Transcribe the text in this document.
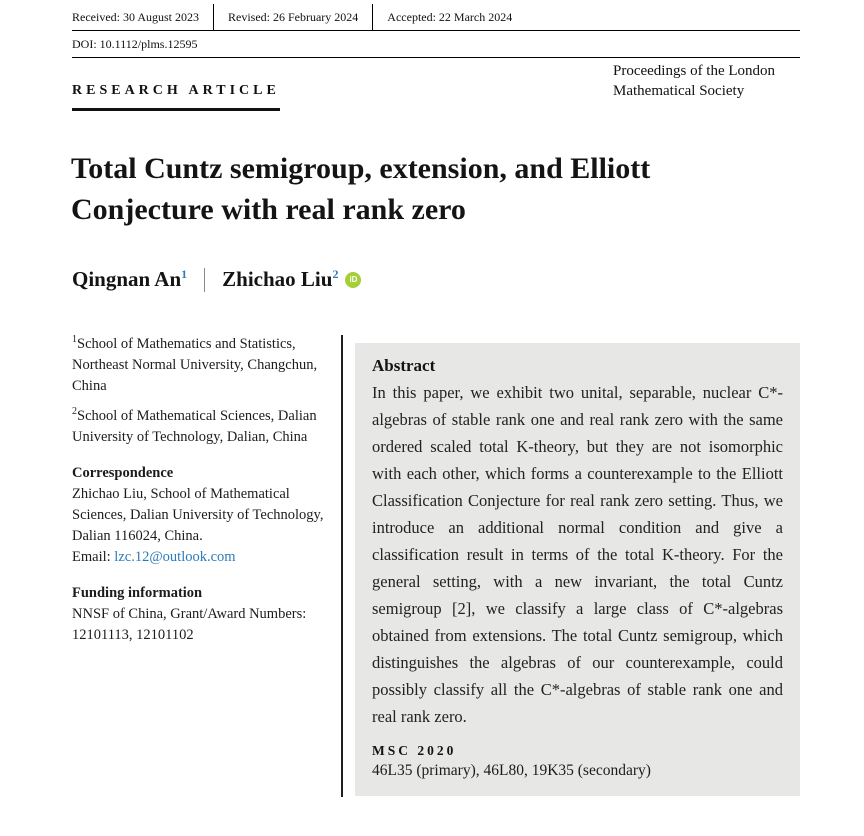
Received: 30 August 2023	Revised: 26 February 2024	Accepted: 22 March 2024
DOI: 10.1112/plms.12595
RESEARCH ARTICLE
Proceedings of the London
Mathematical Society
Total Cuntz semigroup, extension, and Elliott Conjecture with real rank zero
Qingnan An$^1$ Zhichao Liu$^2$	iD

$^1$School of Mathematics and Statistics, Northeast Normal University, Changchun, China

$^2$School of Mathematical Sciences, Dalian University of Technology, Dalian, China

Correspondence

Zhichao Liu, School of Mathematical Sciences, Dalian University of Technology, Dalian 116024, China.

Email: lzc.12@outlook.com

Funding information

NNSF of China, Grant/Award Numbers: 12101113, 12101102

Abstract
In this paper, we exhibit two unital, separable, nuclear C*-algebras of stable rank one and real rank zero with the same ordered scaled total K-theory, but they are not isomorphic with each other, which forms a counterexample to the Elliott Classification Conjecture for real rank zero setting. Thus, we introduce an additional normal condition and give a classification result in terms of the total K-theory. For the general setting, with a new invariant, the total Cuntz semigroup [2], we classify a large class of C*-algebras obtained from extensions. The total Cuntz semigroup, which distinguishes the algebras of our counterexample, could possibly classify all the C*-algebras of stable rank one and real rank zero.
MSC 2020
46L35 (primary), 46L80, 19K35 (secondary)
